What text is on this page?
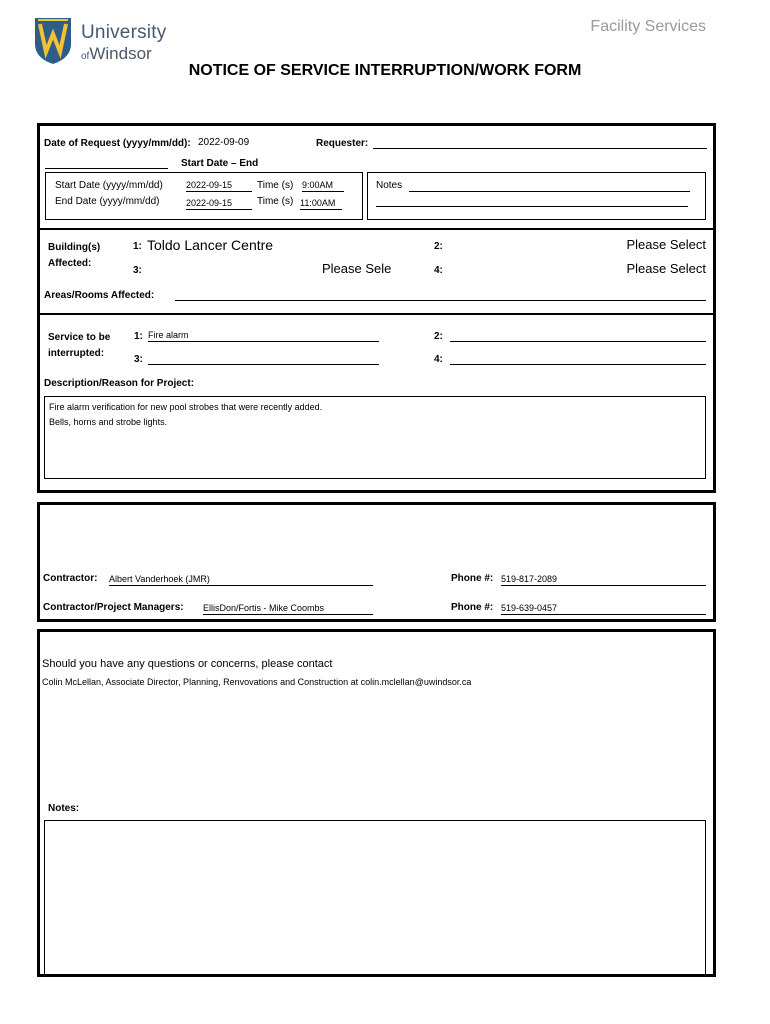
University
ofWindsor
Facility Services
NOTICE OF SERVICE INTERRUPTION/WORK FORM
Date of Request (yyyy/mm/dd): 2022-09-09	Requester:
Start Date – End
Start Date (yyyy/mm/dd)	2022-09-15	Time (s) 9:00AM
End Date (yyyy/mm/dd)	2022-09-15	Time (s) 11:00AM
Notes
Building(s)
Affected:
1: Toldo Lancer Centre	2:	Please Select
3:	Please Sele	4:	Please Select
Areas/Rooms Affected:
Service to be
interrupted:
1: Fire alarm	2:
3:	4:
Description/Reason for Project:
Fire alarm verification for new pool strobes that were recently added.
Bells, horns and strobe lights.
Contractor: Albert Vanderhoek (JMR)	Phone #: 519-817-2089
Contractor/Project Managers: EllisDon/Fortis - Mike Coombs	Phone #: 519-639-0457
Should you have any questions or concerns, please contact
Colin McLellan, Associate Director, Planning, Renvovations and Construction at colin.mclellan@uwindsor.ca
Notes:
